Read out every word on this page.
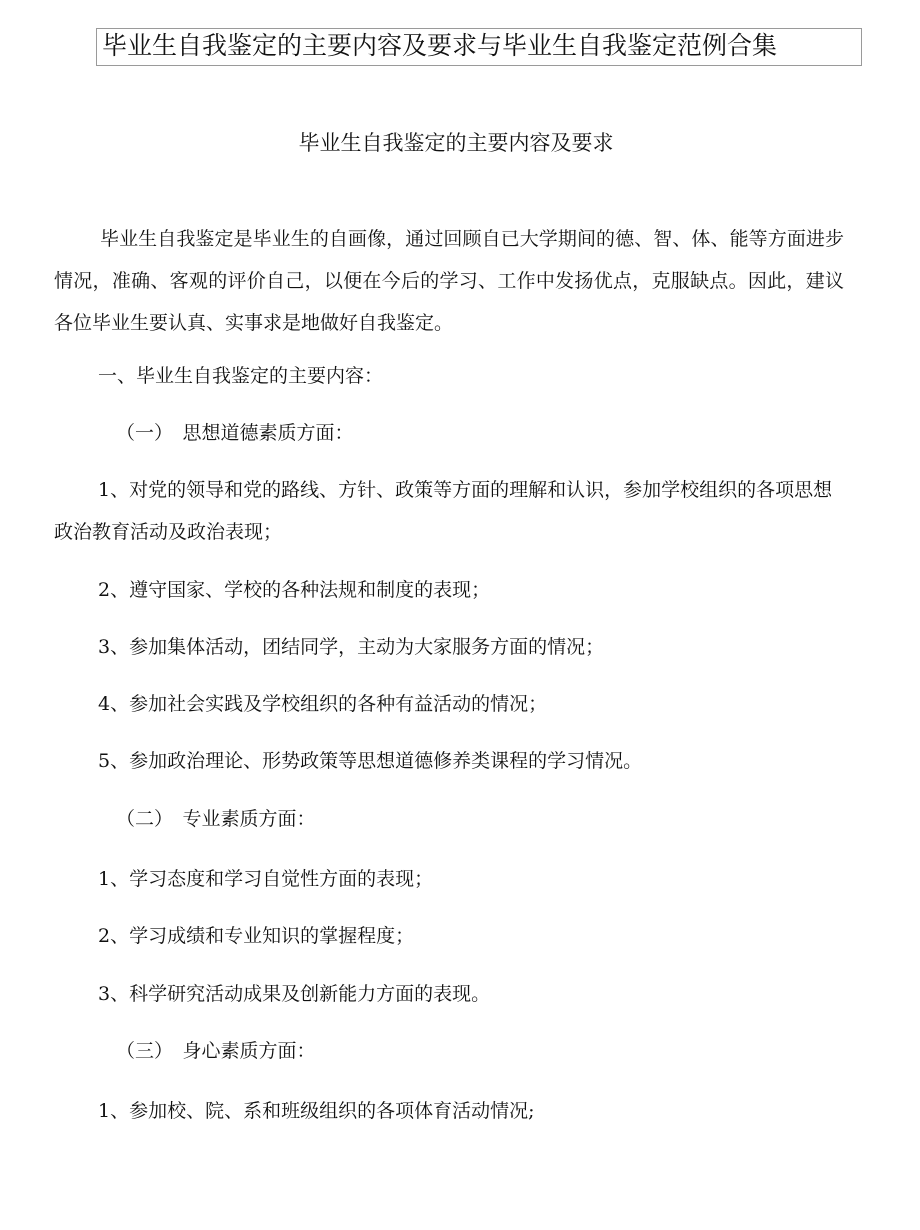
毕业生自我鉴定的主要内容及要求与毕业生自我鉴定范例合集
毕业生自我鉴定的主要内容及要求
毕业生自我鉴定是毕业生的自画像，通过回顾自已大学期间的德、智、体、能等方面进步情况，准确、客观的评价自己，以便在今后的学习、工作中发扬优点，克服缺点。因此，建议各位毕业生要认真、实事求是地做好自我鉴定。
一、毕业生自我鉴定的主要内容：
（一）　思想道德素质方面：
1、对党的领导和党的路线、方针、政策等方面的理解和认识，参加学校组织的各项思想政治教育活动及政治表现；
2、遵守国家、学校的各种法规和制度的表现；
3、参加集体活动，团结同学，主动为大家服务方面的情况；
4、参加社会实践及学校组织的各种有益活动的情况；
5、参加政治理论、形势政策等思想道德修养类课程的学习情况。
（二）　专业素质方面：
1、学习态度和学习自觉性方面的表现；
2、学习成绩和专业知识的掌握程度；
3、科学研究活动成果及创新能力方面的表现。
（三）　身心素质方面：
1、参加校、院、系和班级组织的各项体育活动情况;
